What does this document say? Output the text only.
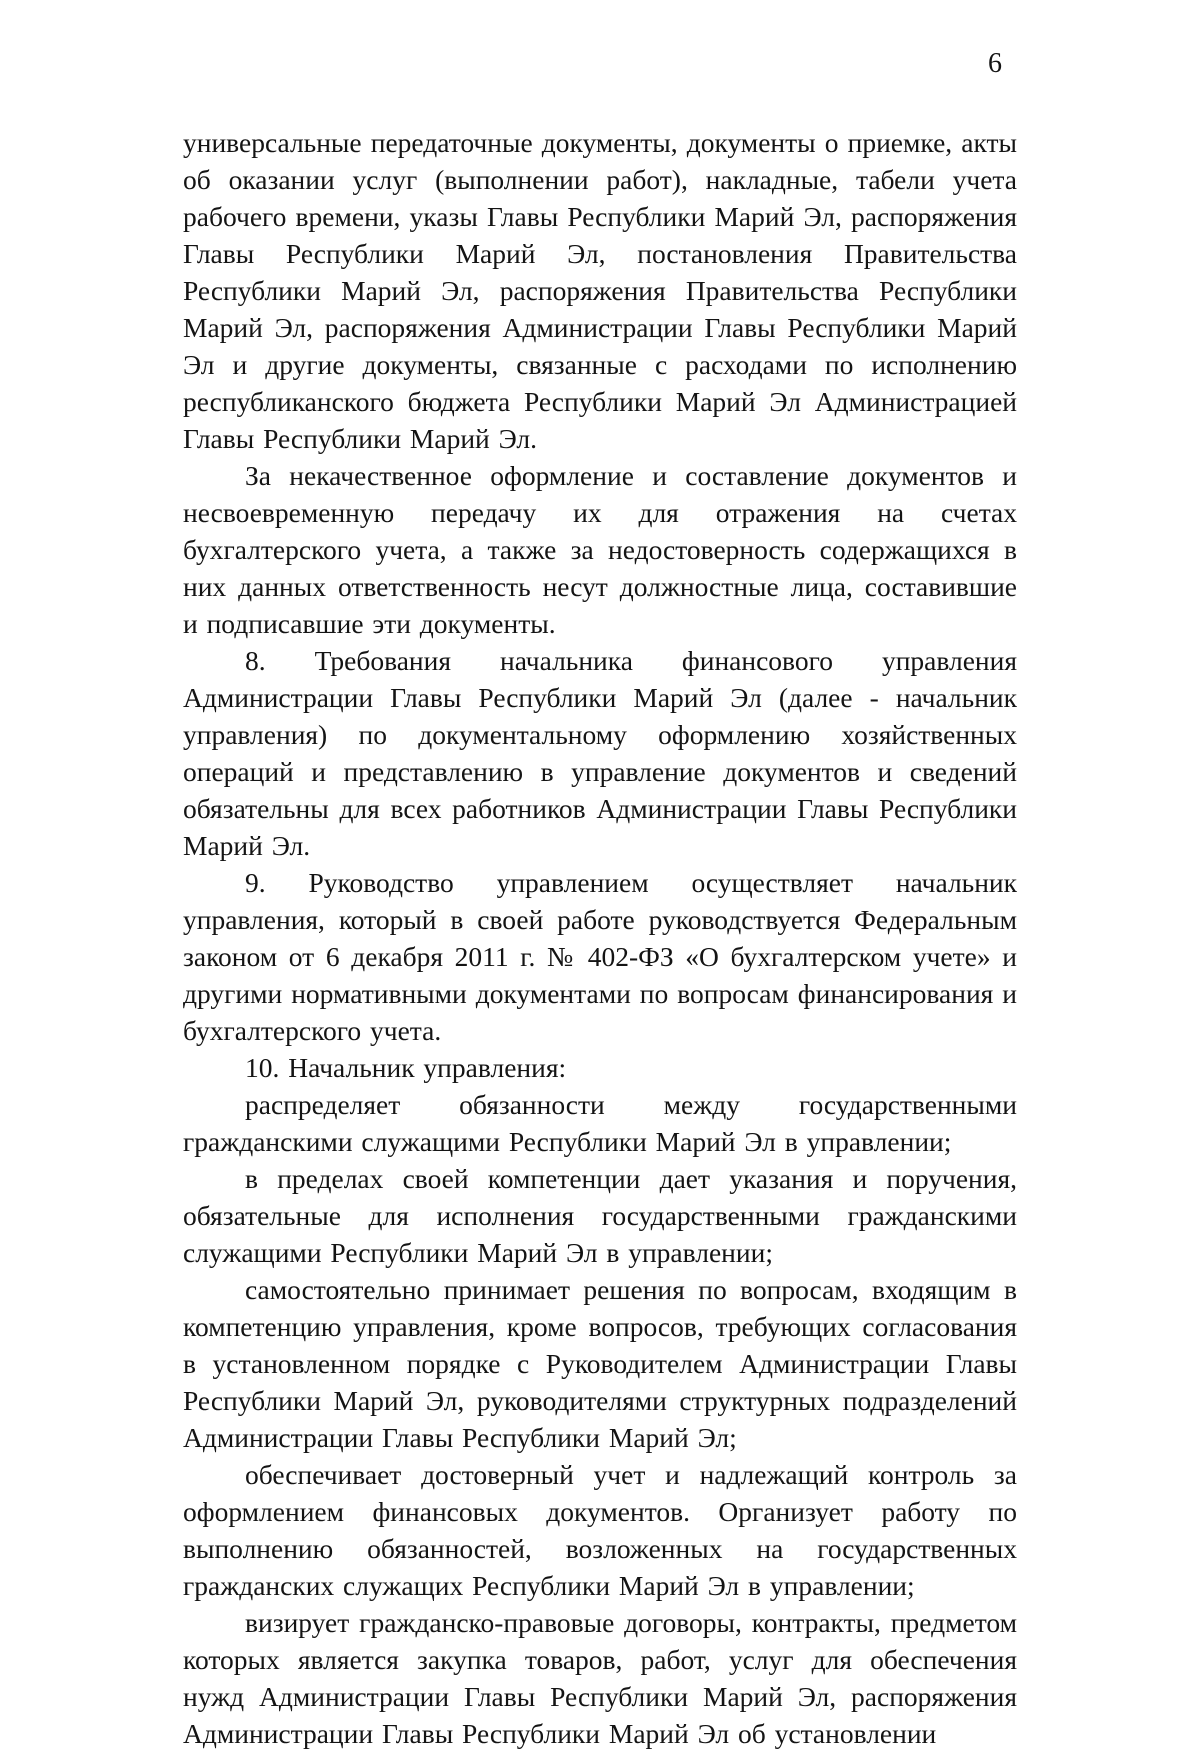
6

универсальные передаточные документы, документы о приемке, акты об оказании услуг (выполнении работ), накладные, табели учета рабочего времени, указы Главы Республики Марий Эл, распоряжения Главы Республики Марий Эл, постановления Правительства Республики Марий Эл, распоряжения Правительства Республики Марий Эл, распоряжения Администрации Главы Республики Марий Эл и другие документы, связанные с расходами по исполнению республиканского бюджета Республики Марий Эл Администрацией Главы Республики Марий Эл.

За некачественное оформление и составление документов и несвоевременную передачу их для отражения на счетах бухгалтерского учета, а также за недостоверность содержащихся в них данных ответственность несут должностные лица, составившие и подписавшие эти документы.

8. Требования начальника финансового управления Администрации Главы Республики Марий Эл (далее - начальник управления) по документальному оформлению хозяйственных операций и представлению в управление документов и сведений обязательны для всех работников Администрации Главы Республики Марий Эл.

9. Руководство управлением осуществляет начальник управления, который в своей работе руководствуется Федеральным законом от 6 декабря 2011 г. № 402-ФЗ «О бухгалтерском учете» и другими нормативными документами по вопросам финансирования и бухгалтерского учета.

10. Начальник управления:

распределяет обязанности между государственными гражданскими служащими Республики Марий Эл в управлении;

в пределах своей компетенции дает указания и поручения, обязательные для исполнения государственными гражданскими служащими Республики Марий Эл в управлении;

самостоятельно принимает решения по вопросам, входящим в компетенцию управления, кроме вопросов, требующих согласования в установленном порядке с Руководителем Администрации Главы Республики Марий Эл, руководителями структурных подразделений Администрации Главы Республики Марий Эл;

обеспечивает достоверный учет и надлежащий контроль за оформлением финансовых документов. Организует работу по выполнению обязанностей, возложенных на государственных гражданских служащих Республики Марий Эл в управлении;

визирует гражданско-правовые договоры, контракты, предметом которых является закупка товаров, работ, услуг для обеспечения нужд Администрации Главы Республики Марий Эл, распоряжения Администрации Главы Республики Марий Эл об установлении
